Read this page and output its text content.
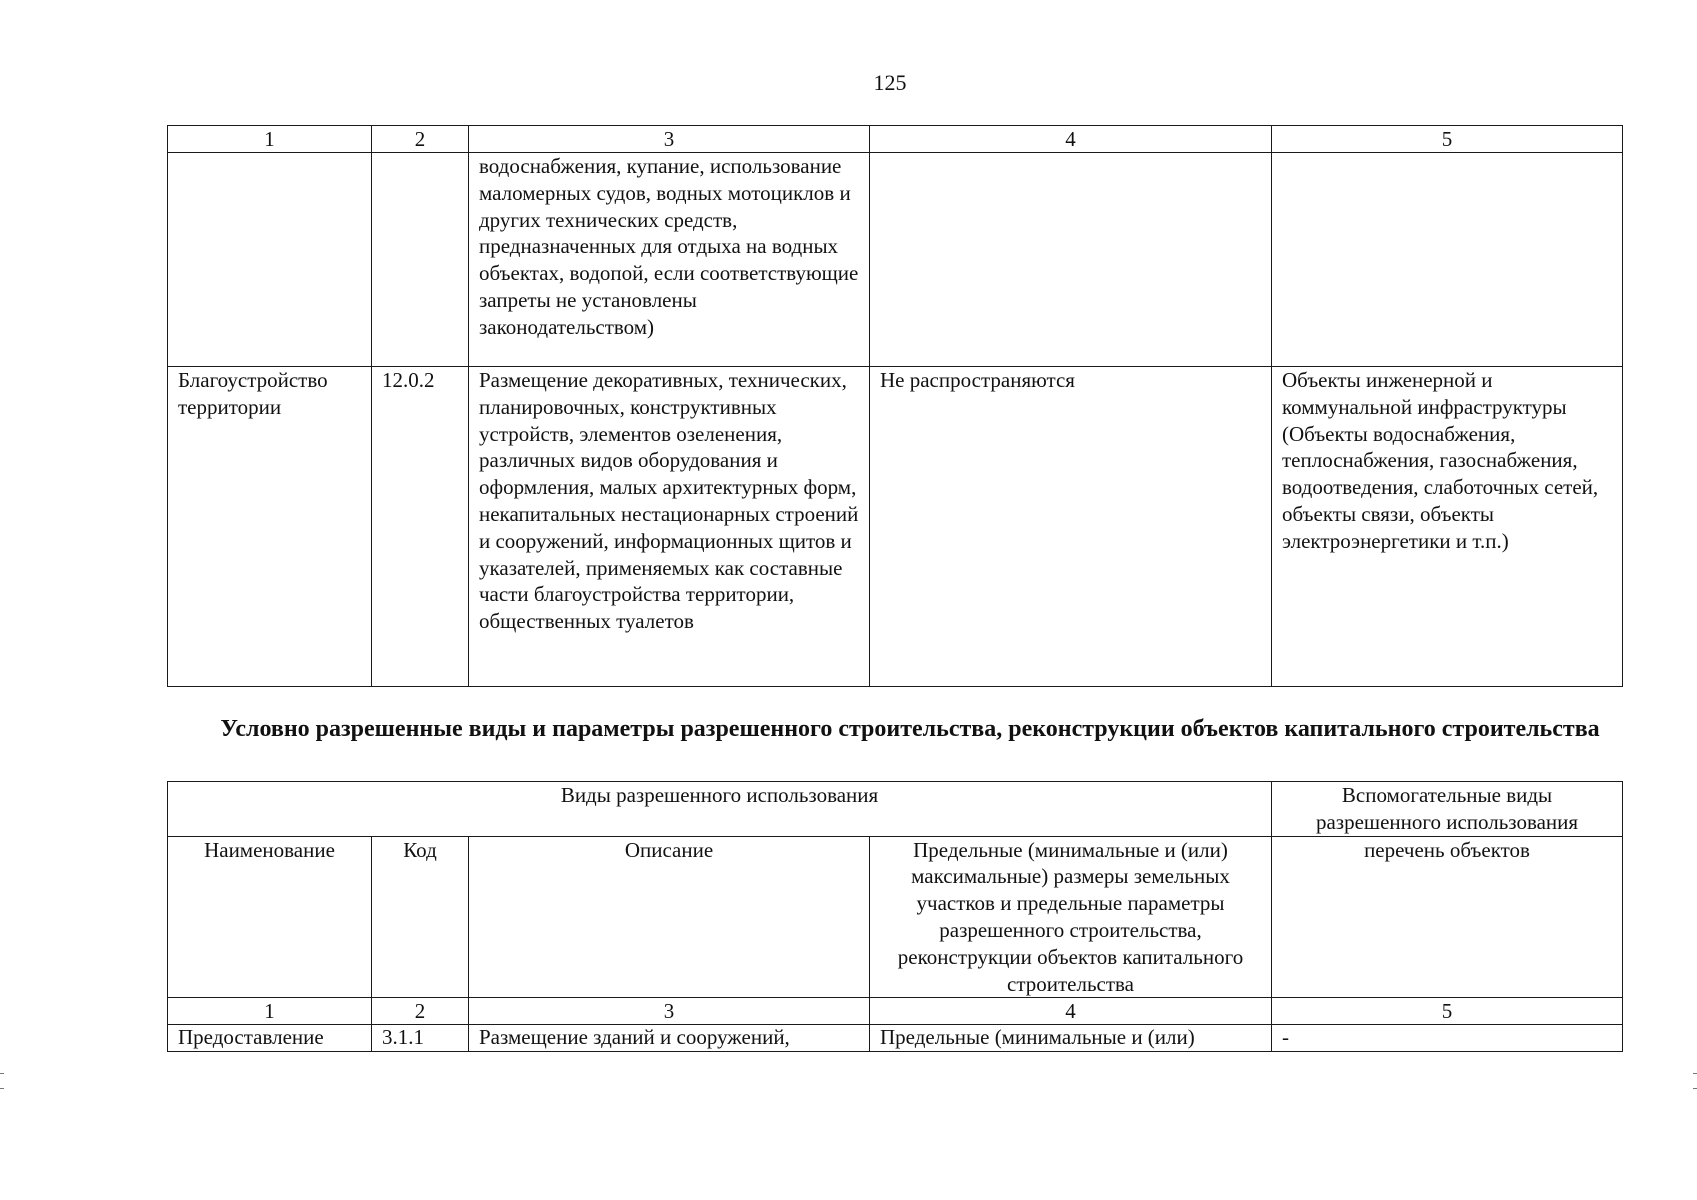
125
1	2	3	4	5
		водоснабжения, купание, использование маломерных судов, водных мотоциклов и других технических средств, предназначенных для отдыха на водных объектах, водопой, если соответствующие запреты не установлены законодательством)		
Благоустройство территории	12.0.2	Размещение декоративных, технических, планировочных, конструктивных устройств, элементов озеленения, различных видов оборудования и оформления, малых архитектурных форм, некапитальных нестационарных строений и сооружений, информационных щитов и указателей, применяемых как составные части благоустройства территории, общественных туалетов	Не распространяются	Объекты инженерной и коммунальной инфраструктуры (Объекты водоснабжения, теплоснабжения, газоснабжения, водоотведения, слаботочных сетей, объекты связи, объекты электроэнергетики и т.п.)
Условно разрешенные виды и параметры разрешенного строительства, реконструкции объектов капитального строительства
Виды разрешенного использования				Вспомогательные виды разрешенного использования
Наименование	Код	Описание	Предельные (минимальные и (или) максимальные) размеры земельных участков и предельные параметры разрешенного строительства, реконструкции объектов капитального строительства	перечень объектов
1	2	3	4	5
Предоставление	3.1.1	Размещение зданий и сооружений,	Предельные (минимальные и (или)	-
